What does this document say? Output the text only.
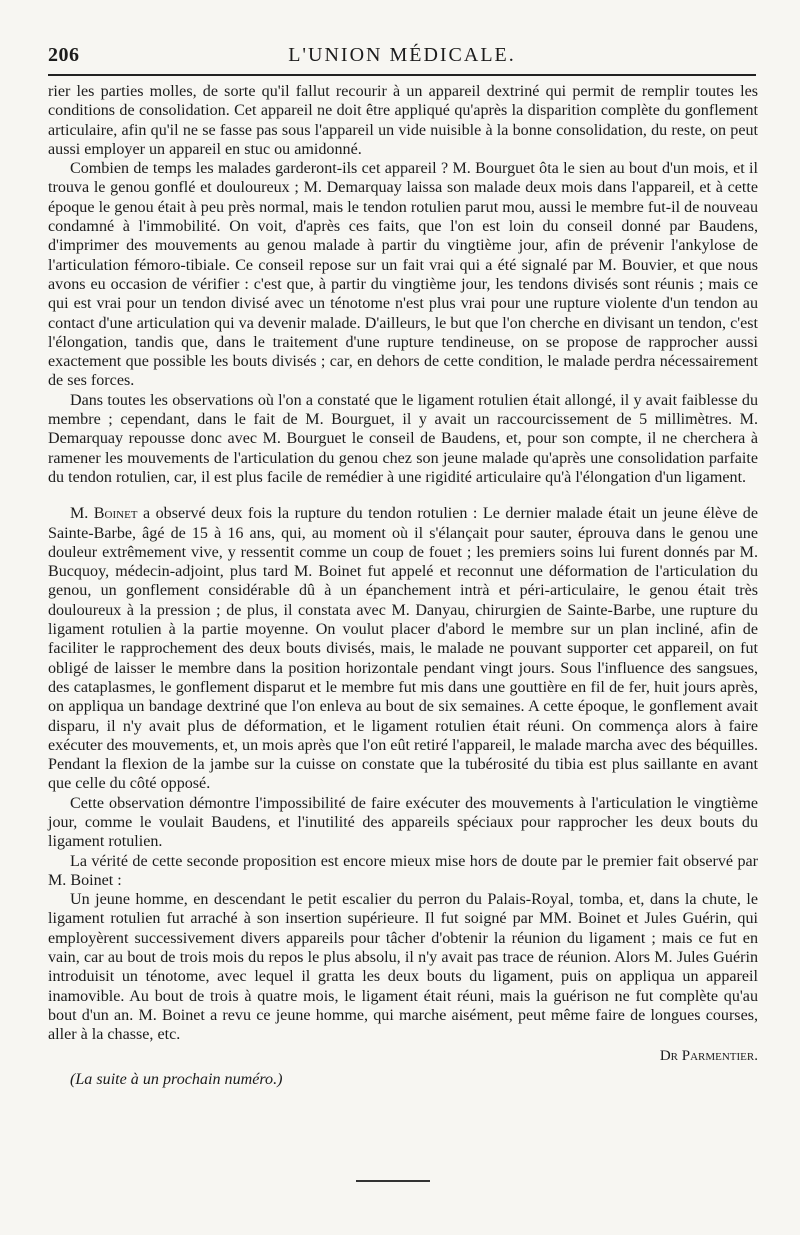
206	L'UNION MÉDICALE.

rier les parties molles, de sorte qu'il fallut recourir à un appareil dextriné qui permit de remplir toutes les conditions de consolidation. Cet appareil ne doit être appliqué qu'après la disparition complète du gonflement articulaire, afin qu'il ne se fasse pas sous l'appareil un vide nuisible à la bonne consolidation, du reste, on peut aussi employer un appareil en stuc ou amidonné.

Combien de temps les malades garderont-ils cet appareil ? M. Bourguet ôta le sien au bout d'un mois, et il trouva le genou gonflé et douloureux ; M. Demarquay laissa son malade deux mois dans l'appareil, et à cette époque le genou était à peu près normal, mais le tendon rotulien parut mou, aussi le membre fut-il de nouveau condamné à l'immobilité. On voit, d'après ces faits, que l'on est loin du conseil donné par Baudens, d'imprimer des mouvements au genou malade à partir du vingtième jour, afin de prévenir l'ankylose de l'articulation fémoro-tibiale. Ce conseil repose sur un fait vrai qui a été signalé par M. Bouvier, et que nous avons eu occasion de vérifier : c'est que, à partir du vingtième jour, les tendons divisés sont réunis ; mais ce qui est vrai pour un tendon divisé avec un ténotome n'est plus vrai pour une rupture violente d'un tendon au contact d'une articulation qui va devenir malade. D'ailleurs, le but que l'on cherche en divisant un tendon, c'est l'élongation, tandis que, dans le traitement d'une rupture tendineuse, on se propose de rapprocher aussi exactement que possible les bouts divisés ; car, en dehors de cette condition, le malade perdra nécessairement de ses forces.

Dans toutes les observations où l'on a constaté que le ligament rotulien était allongé, il y avait faiblesse du membre ; cependant, dans le fait de M. Bourguet, il y avait un raccourcissement de 5 millimètres. M. Demarquay repousse donc avec M. Bourguet le conseil de Baudens, et, pour son compte, il ne cherchera à ramener les mouvements de l'articulation du genou chez son jeune malade qu'après une consolidation parfaite du tendon rotulien, car, il est plus facile de remédier à une rigidité articulaire qu'à l'élongation d'un ligament.

M. Boinet a observé deux fois la rupture du tendon rotulien : Le dernier malade était un jeune élève de Sainte-Barbe, âgé de 15 à 16 ans, qui, au moment où il s'élançait pour sauter, éprouva dans le genou une douleur extrêmement vive, y ressentit comme un coup de fouet ; les premiers soins lui furent donnés par M. Bucquoy, médecin-adjoint, plus tard M. Boinet fut appelé et reconnut une déformation de l'articulation du genou, un gonflement considérable dû à un épanchement intrà et péri-articulaire, le genou était très douloureux à la pression ; de plus, il constata avec M. Danyau, chirurgien de Sainte-Barbe, une rupture du ligament rotulien à la partie moyenne. On voulut placer d'abord le membre sur un plan incliné, afin de faciliter le rapprochement des deux bouts divisés, mais, le malade ne pouvant supporter cet appareil, on fut obligé de laisser le membre dans la position horizontale pendant vingt jours. Sous l'influence des sangsues, des cataplasmes, le gonflement disparut et le membre fut mis dans une gouttière en fil de fer, huit jours après, on appliqua un bandage dextriné que l'on enleva au bout de six semaines. A cette époque, le gonflement avait disparu, il n'y avait plus de déformation, et le ligament rotulien était réuni. On commença alors à faire exécuter des mouvements, et, un mois après que l'on eût retiré l'appareil, le malade marcha avec des béquilles. Pendant la flexion de la jambe sur la cuisse on constate que la tubérosité du tibia est plus saillante en avant que celle du côté opposé.

Cette observation démontre l'impossibilité de faire exécuter des mouvements à l'articulation le vingtième jour, comme le voulait Baudens, et l'inutilité des appareils spéciaux pour rapprocher les deux bouts du ligament rotulien.

La vérité de cette seconde proposition est encore mieux mise hors de doute par le premier fait observé par M. Boinet :

Un jeune homme, en descendant le petit escalier du perron du Palais-Royal, tomba, et, dans la chute, le ligament rotulien fut arraché à son insertion supérieure. Il fut soigné par MM. Boinet et Jules Guérin, qui employèrent successivement divers appareils pour tâcher d'obtenir la réunion du ligament ; mais ce fut en vain, car au bout de trois mois du repos le plus absolu, il n'y avait pas trace de réunion. Alors M. Jules Guérin introduisit un ténotome, avec lequel il gratta les deux bouts du ligament, puis on appliqua un appareil inamovible. Au bout de trois à quatre mois, le ligament était réuni, mais la guérison ne fut complète qu'au bout d'un an. M. Boinet a revu ce jeune homme, qui marche aisément, peut même faire de longues courses, aller à la chasse, etc.

Dr Parmentier.
(La suite à un prochain numéro.)
